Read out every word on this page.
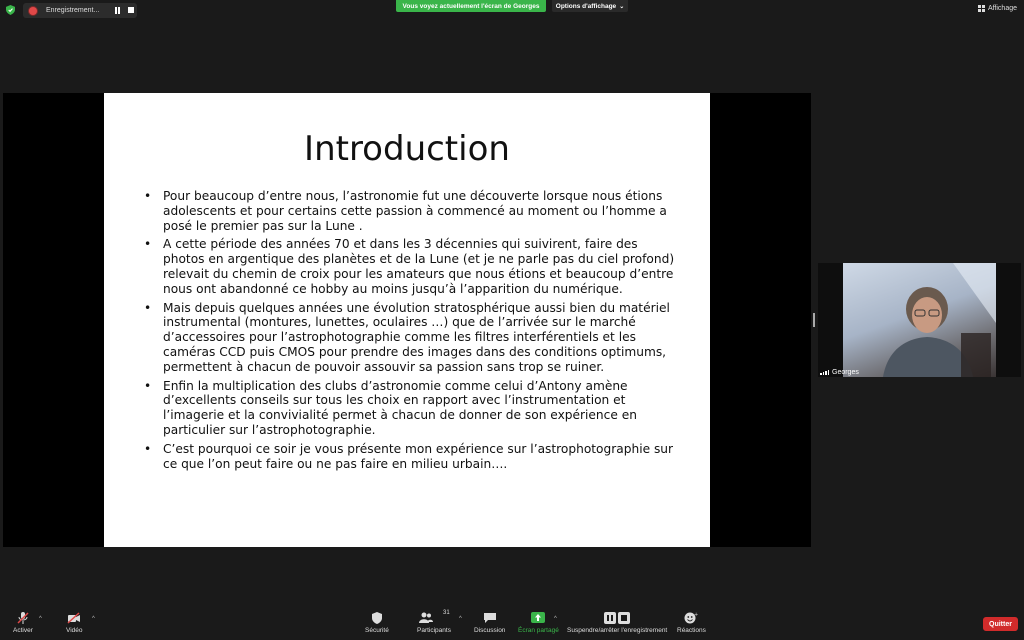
Enregistrement...
Vous voyez actuellement l'écran de Georges	Options d'affichage ⌄	Affichage
Introduction
• Pour beaucoup d’entre nous, l’astronomie fut une découverte lorsque nous étions adolescents et pour certains cette passion à commencé au moment ou l’homme a posé le premier pas sur la Lune .
• A cette période des années 70 et dans les 3 décennies qui suivirent, faire des photos en argentique des planètes et de la Lune (et je ne parle pas du ciel profond) relevait du chemin de croix pour les amateurs que nous étions et beaucoup d’entre nous ont abandonné ce hobby au moins jusqu’à l’apparition du numérique.
• Mais depuis quelques années une évolution stratosphérique aussi bien du matériel instrumental (montures, lunettes, oculaires …) que de l’arrivée sur le marché d’accessoires pour l’astrophotographie comme les filtres interférentiels et les caméras CCD puis CMOS pour prendre des images dans des conditions optimums, permettent à chacun de pouvoir assouvir sa passion sans trop se ruiner.
• Enfin la multiplication des clubs d’astronomie comme celui d’Antony amène d’excellents conseils sur tous les choix en rapport avec l’instrumentation et l’imagerie et la convivialité permet à chacun de donner de son expérience en particulier sur l’astrophotographie.
• C’est pourquoi ce soir je vous présente mon expérience sur l’astrophotographie sur ce que l’on peut faire ou ne pas faire en milieu urbain….
Georges
Activer
^
Vidéo
^
Sécurité
31
Participants
^
Discussion Écran partagé
^
Suspendre/arrêter l'enregistrement
+
Réactions
Quitter
